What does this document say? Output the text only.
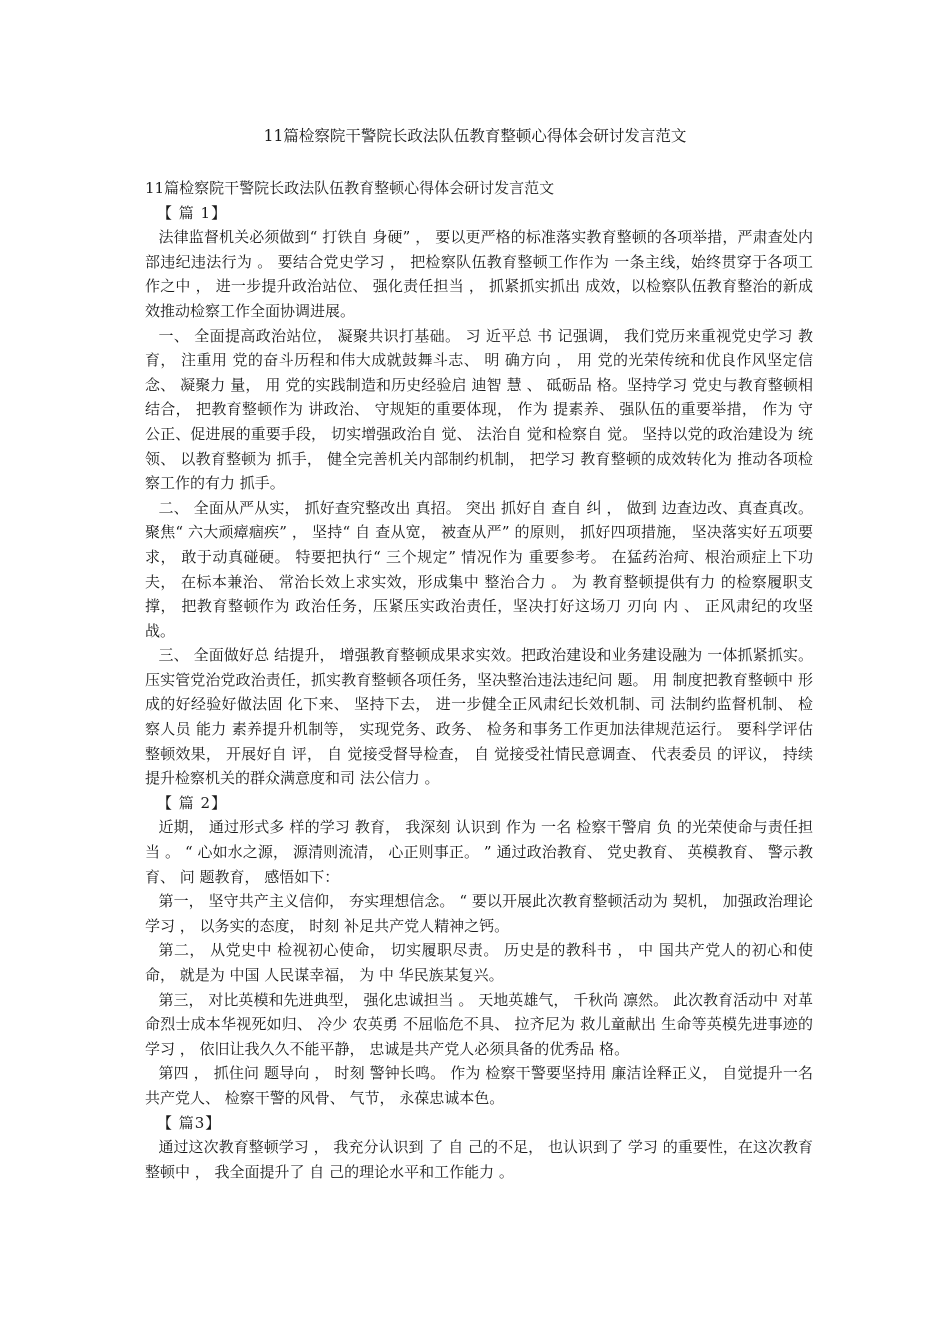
11篇检察院干警院长政法队伍教育整顿心得体会研讨发言范文

11篇检察院干警院长政法队伍教育整顿心得体会研讨发言范文

【 篇 1】

法律监督机关必须做到“ 打铁自 身硬” ， 要以更严格的标准落实教育整顿的各项举措，严肃查处内 部违纪违法行为 。 要结合党史学习 ， 把检察队伍教育整顿工作作为 一条主线，始终贯穿于各项工作之中 ， 进一步提升政治站位、 强化责任担当 ， 抓紧抓实抓出 成效，以检察队伍教育整治的新成效推动检察工作全面协调进展。

一、 全面提高政治站位， 凝聚共识打基础。 习 近平总 书 记强调， 我们党历来重视党史学习 教育， 注重用 党的奋斗历程和伟大成就鼓舞斗志、 明 确方向 ， 用 党的光荣传统和优良作风坚定信念、 凝聚力 量， 用 党的实践制造和历史经验启 迪智 慧 、 砥砺品 格。坚持学习 党史与教育整顿相结合， 把教育整顿作为 讲政治、 守规矩的重要体现， 作为 提素养、 强队伍的重要举措， 作为 守公正、促进展的重要手段， 切实增强政治自 觉、 法治自 觉和检察自 觉。 坚持以党的政治建设为 统领、 以教育整顿为 抓手， 健全完善机关内部制约机制， 把学习 教育整顿的成效转化为 推动各项检察工作的有力 抓手。

二、 全面从严从实， 抓好查究整改出 真招。 突出 抓好自 查自 纠 ， 做到 边查边改、真查真改。 聚焦“ 六大顽瘴痼疾” ， 坚持“ 自 查从宽， 被查从严” 的原则， 抓好四项措施， 坚决落实好五项要求， 敢于动真碰硬。 特要把执行“ 三个规定” 情况作为 重要参考。 在猛药治疴、根治顽症上下功夫， 在标本兼治、 常治长效上求实效，形成集中 整治合力 。 为 教育整顿提供有力 的检察履职支撑， 把教育整顿作为 政治任务，压紧压实政治责任，坚决打好这场刀 刃向 内 、 正风肃纪的攻坚战。

三、 全面做好总 结提升， 增强教育整顿成果求实效。把政治建设和业务建设融为 一体抓紧抓实。 压实管党治党政治责任，抓实教育整顿各项任务，坚决整治违法违纪问 题。 用 制度把教育整顿中 形成的好经验好做法固 化下来、 坚持下去， 进一步健全正风肃纪长效机制、司 法制约监督机制、 检察人员 能力 素养提升机制等， 实现党务、政务、 检务和事务工作更加法律规范运行。 要科学评估整顿效果， 开展好自 评， 自 觉接受督导检查， 自 觉接受社情民意调查、 代表委员 的评议， 持续提升检察机关的群众满意度和司 法公信力 。

【 篇 2】

近期， 通过形式多 样的学习 教育， 我深刻 认识到 作为 一名 检察干警肩 负 的光荣使命与责任担当 。 “ 心如水之源， 源清则流清， 心正则事正。 ” 通过政治教育、 党史教育、 英模教育、 警示教育、 问 题教育， 感悟如下：

第一， 坚守共产主义信仰， 夯实理想信念。 “ 要以开展此次教育整顿活动为 契机， 加强政治理论学习 ， 以务实的态度， 时刻 补足共产党人精神之钙。

第二， 从党史中 检视初心使命， 切实履职尽责。 历史是的教科书 ， 中 国共产党人的初心和使命， 就是为 中国 人民谋幸福， 为 中 华民族某复兴。

第三， 对比英模和先进典型， 强化忠诚担当 。 天地英雄气， 千秋尚 凛然。 此次教育活动中 对革命烈士成本华视死如归、 冷少 农英勇 不屈临危不具、 拉齐尼为 救儿童献出 生命等英模先进事迹的学习 ， 依旧让我久久不能平静， 忠诚是共产党人必须具备的优秀品 格。

第四 ， 抓住问 题导向 ， 时刻 警钟长鸣。 作为 检察干警要坚持用 廉洁诠释正义， 自觉提升一名 共产党人、 检察干警的风骨、 气节， 永葆忠诚本色。

【 篇3】

通过这次教育整顿学习 ， 我充分认识到 了 自 己的不足， 也认识到了 学习 的重要性，在这次教育整顿中 ， 我全面提升了 自 己的理论水平和工作能力 。
